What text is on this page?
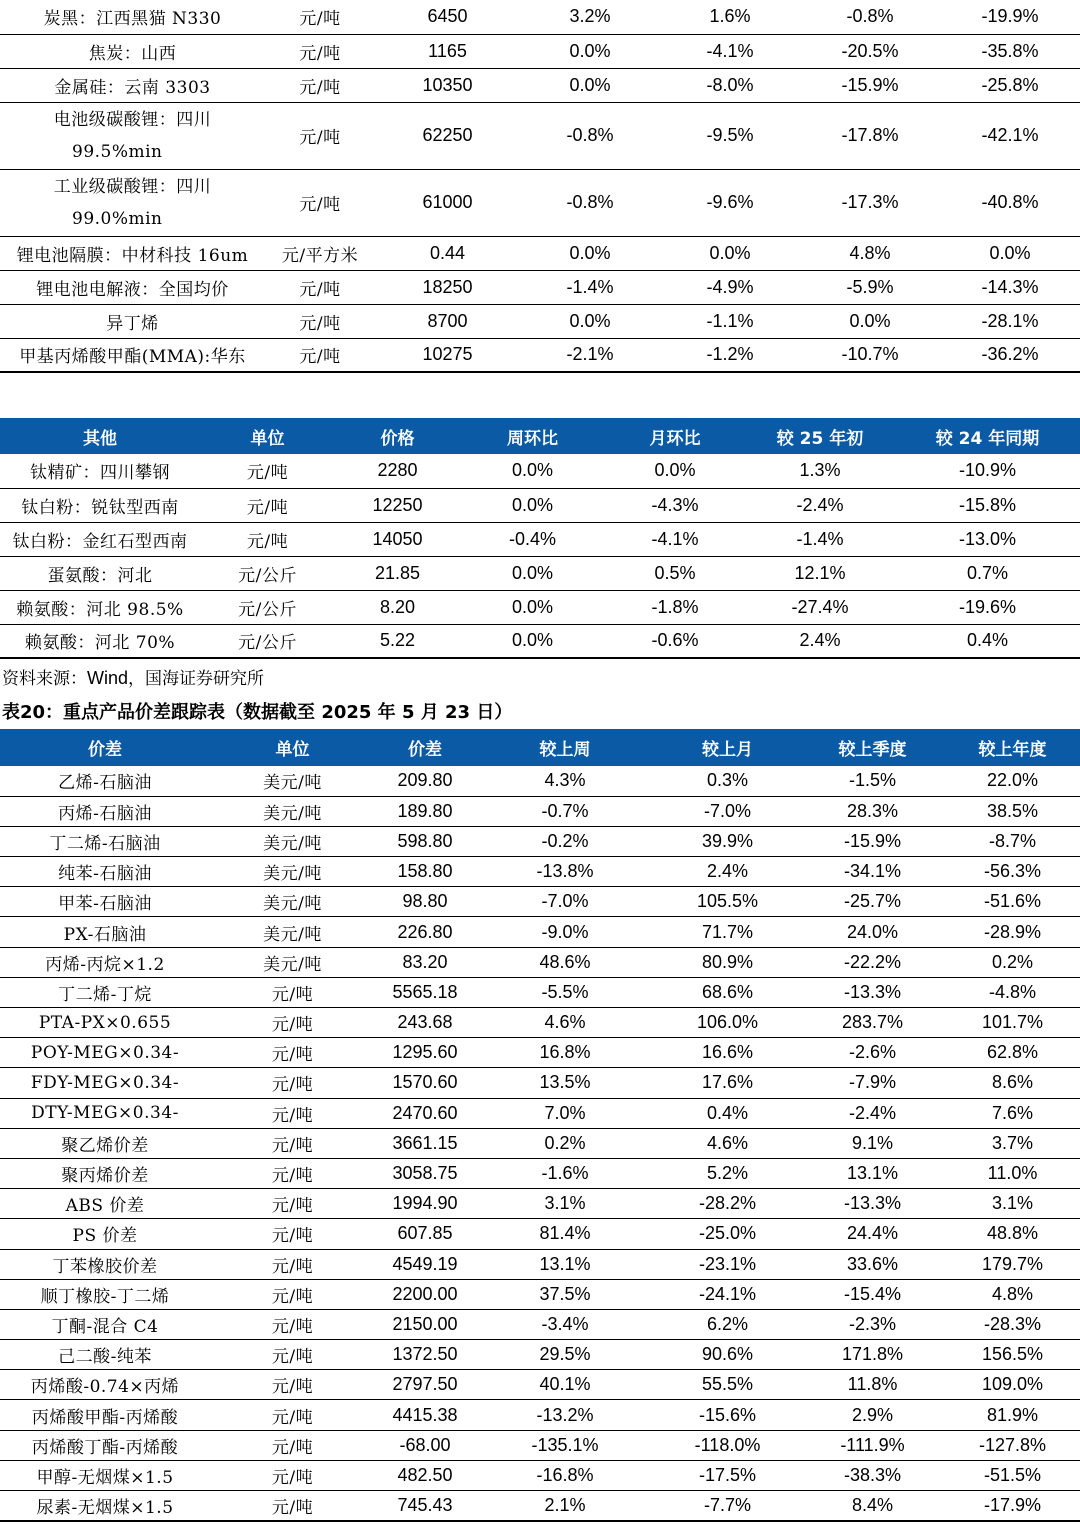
炭黑：江西黑猫 N330	元/吨	6450	3.2%	1.6%	-0.8%	-19.9%
焦炭：山西	元/吨	1165	0.0%	-4.1%	-20.5%	-35.8%
金属硅：云南 3303	元/吨	10350	0.0%	-8.0%	-15.9%	-25.8%

电池级碳酸锂：四川
99.5%min	元/吨	62250	-0.8%	-9.5%	-17.8%	-42.1%

工业级碳酸锂：四川
99.0%min	元/吨	61000	-0.8%	-9.6%	-17.3%	-40.8%
锂电池隔膜：中材科技 16um	元/平方米	0.44	0.0%	0.0%	4.8%	0.0%
锂电池电解液：全国均价	元/吨	18250	-1.4%	-4.9%	-5.9%	-14.3%
异丁烯	元/吨	8700	0.0%	-1.1%	0.0%	-28.1%
甲基丙烯酸甲酯(MMA):华东	元/吨	10275	-2.1%	-1.2%	-10.7%	-36.2%
其他	单位	价格	周环比	月环比	较 25 年初	较 24 年同期
钛精矿：四川攀钢	元/吨	2280	0.0%	0.0%	1.3%	-10.9%
钛白粉：锐钛型西南	元/吨	12250	0.0%	-4.3%	-2.4%	-15.8%
钛白粉：金红石型西南	元/吨	14050	-0.4%	-4.1%	-1.4%	-13.0%
蛋氨酸：河北	元/公斤	21.85	0.0%	0.5%	12.1%	0.7%
赖氨酸：河北 98.5%	元/公斤	8.20	0.0%	-1.8%	-27.4%	-19.6%
赖氨酸：河北 70%	元/公斤	5.22	0.0%	-0.6%	2.4%	0.4%
资料来源：Wind，国海证券研究所
表20：重点产品价差跟踪表（数据截至 2025 年 5 月 23 日）
价差	单位	价差	较上周	较上月	较上季度	较上年度
乙烯-石脑油	美元/吨	209.80	4.3%	0.3%	-1.5%	22.0%
丙烯-石脑油	美元/吨	189.80	-0.7%	-7.0%	28.3%	38.5%
丁二烯-石脑油	美元/吨	598.80	-0.2%	39.9%	-15.9%	-8.7%
纯苯-石脑油	美元/吨	158.80	-13.8%	2.4%	-34.1%	-56.3%
甲苯-石脑油	美元/吨	98.80	-7.0%	105.5%	-25.7%	-51.6%
PX-石脑油	美元/吨	226.80	-9.0%	71.7%	24.0%	-28.9%
丙烯-丙烷×1.2	美元/吨	83.20	48.6%	80.9%	-22.2%	0.2%
丁二烯-丁烷	元/吨	5565.18	-5.5%	68.6%	-13.3%	-4.8%
PTA-PX×0.655	元/吨	243.68	4.6%	106.0%	283.7%	101.7%
POY-MEG×0.34-	元/吨	1295.60	16.8%	16.6%	-2.6%	62.8%
FDY-MEG×0.34-	元/吨	1570.60	13.5%	17.6%	-7.9%	8.6%
DTY-MEG×0.34-	元/吨	2470.60	7.0%	0.4%	-2.4%	7.6%
聚乙烯价差	元/吨	3661.15	0.2%	4.6%	9.1%	3.7%
聚丙烯价差	元/吨	3058.75	-1.6%	5.2%	13.1%	11.0%
ABS 价差	元/吨	1994.90	3.1%	-28.2%	-13.3%	3.1%
PS 价差	元/吨	607.85	81.4%	-25.0%	24.4%	48.8%
丁苯橡胶价差	元/吨	4549.19	13.1%	-23.1%	33.6%	179.7%
顺丁橡胶-丁二烯	元/吨	2200.00	37.5%	-24.1%	-15.4%	4.8%
丁酮-混合 C4	元/吨	2150.00	-3.4%	6.2%	-2.3%	-28.3%
己二酸-纯苯	元/吨	1372.50	29.5%	90.6%	171.8%	156.5%
丙烯酸-0.74×丙烯	元/吨	2797.50	40.1%	55.5%	11.8%	109.0%
丙烯酸甲酯-丙烯酸	元/吨	4415.38	-13.2%	-15.6%	2.9%	81.9%
丙烯酸丁酯-丙烯酸	元/吨	-68.00	-135.1%	-118.0%	-111.9%	-127.8%
甲醇-无烟煤×1.5	元/吨	482.50	-16.8%	-17.5%	-38.3%	-51.5%
尿素-无烟煤×1.5	元/吨	745.43	2.1%	-7.7%	8.4%	-17.9%
